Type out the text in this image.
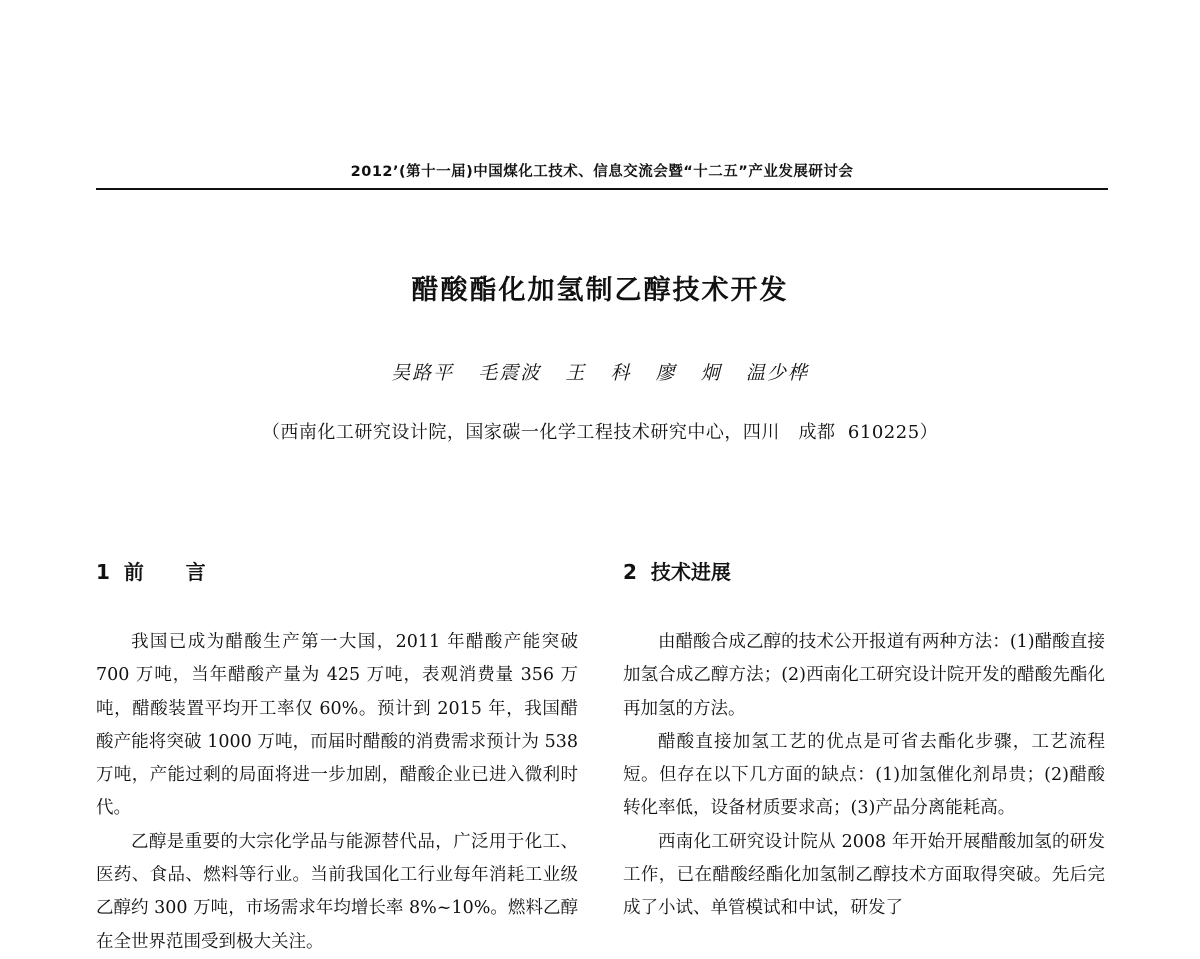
2012’(第十一届)中国煤化工技术、信息交流会暨“十二五”产业发展研讨会
醋酸酯化加氢制乙醇技术开发
吴路平   毛震波   王   科   廖   炯   温少桦
（西南化工研究设计院，国家碳一化学工程技术研究中心，四川   成都  610225）
1  前      言

我国已成为醋酸生产第一大国，2011 年醋酸产能突破 700 万吨，当年醋酸产量为 425 万吨，表观消费量 356 万吨，醋酸装置平均开工率仅 60%。预计到 2015 年，我国醋酸产能将突破 1000 万吨，而届时醋酸的消费需求预计为 538 万吨，产能过剩的局面将进一步加剧，醋酸企业已进入微利时代。

乙醇是重要的大宗化学品与能源替代品，广泛用于化工、医药、食品、燃料等行业。当前我国化工行业每年消耗工业级乙醇约 300 万吨，市场需求年均增长率 8%~10%。燃料乙醇在全世界范围受到极大关注。

2  技术进展

由醋酸合成乙醇的技术公开报道有两种方法：(1)醋酸直接加氢合成乙醇方法；(2)西南化工研究设计院开发的醋酸先酯化再加氢的方法。

醋酸直接加氢工艺的优点是可省去酯化步骤，工艺流程短。但存在以下几方面的缺点：(1)加氢催化剂昂贵；(2)醋酸转化率低，设备材质要求高；(3)产品分离能耗高。

西南化工研究设计院从 2008 年开始开展醋酸加氢的研发工作，已在醋酸经酯化加氢制乙醇技术方面取得突破。先后完成了小试、单管模试和中试，研发了
